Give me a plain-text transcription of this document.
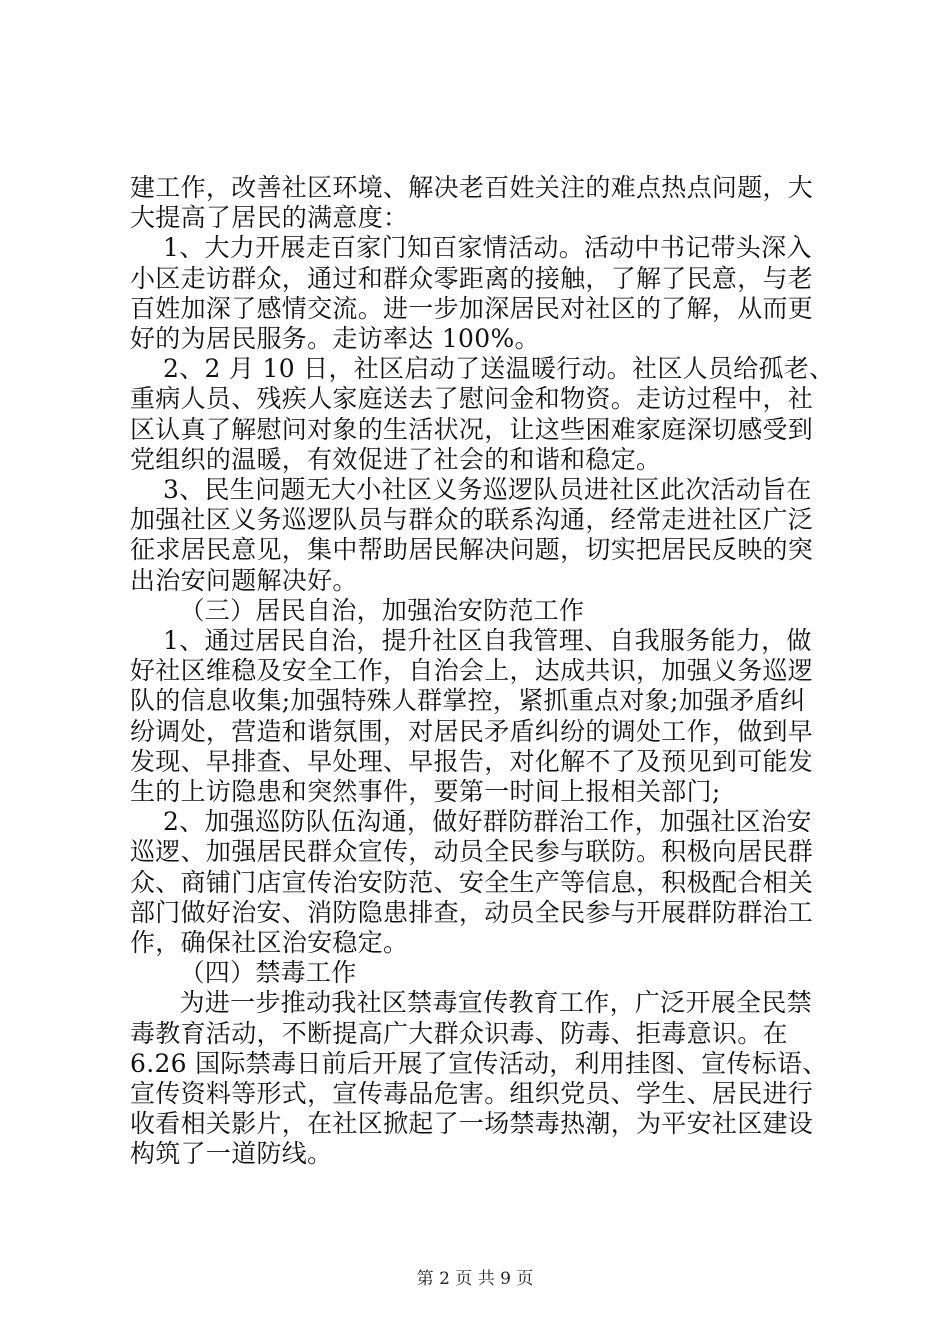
建工作，改善社区环境、解决老百姓关注的难点热点问题，大
大提高了居民的满意度：
1、大力开展走百家门知百家情活动。活动中书记带头深入
小区走访群众，通过和群众零距离的接触，了解了民意，与老
百姓加深了感情交流。进一步加深居民对社区的了解，从而更
好的为居民服务。走访率达 100%。
2、2 月 10 日，社区启动了送温暖行动。社区人员给孤老、
重病人员、残疾人家庭送去了慰问金和物资。走访过程中，社
区认真了解慰问对象的生活状况，让这些困难家庭深切感受到
党组织的温暖，有效促进了社会的和谐和稳定。
3、民生问题无大小社区义务巡逻队员进社区此次活动旨在
加强社区义务巡逻队员与群众的联系沟通，经常走进社区广泛
征求居民意见，集中帮助居民解决问题，切实把居民反映的突
出治安问题解决好。
（三）居民自治，加强治安防范工作
1、通过居民自治，提升社区自我管理、自我服务能力，做
好社区维稳及安全工作，自治会上，达成共识，加强义务巡逻
队的信息收集;加强特殊人群掌控，紧抓重点对象;加强矛盾纠
纷调处，营造和谐氛围，对居民矛盾纠纷的调处工作，做到早
发现、早排查、早处理、早报告，对化解不了及预见到可能发
生的上访隐患和突然事件，要第一时间上报相关部门;
2、加强巡防队伍沟通，做好群防群治工作，加强社区治安
巡逻、加强居民群众宣传，动员全民参与联防。积极向居民群
众、商铺门店宣传治安防范、安全生产等信息，积极配合相关
部门做好治安、消防隐患排查，动员全民参与开展群防群治工
作，确保社区治安稳定。
（四）禁毒工作
为进一步推动我社区禁毒宣传教育工作，广泛开展全民禁
毒教育活动，不断提高广大群众识毒、防毒、拒毒意识。在
6.26 国际禁毒日前后开展了宣传活动，利用挂图、宣传标语、
宣传资料等形式，宣传毒品危害。组织党员、学生、居民进行
收看相关影片，在社区掀起了一场禁毒热潮，为平安社区建设
构筑了一道防线。
第 2 页 共 9 页
